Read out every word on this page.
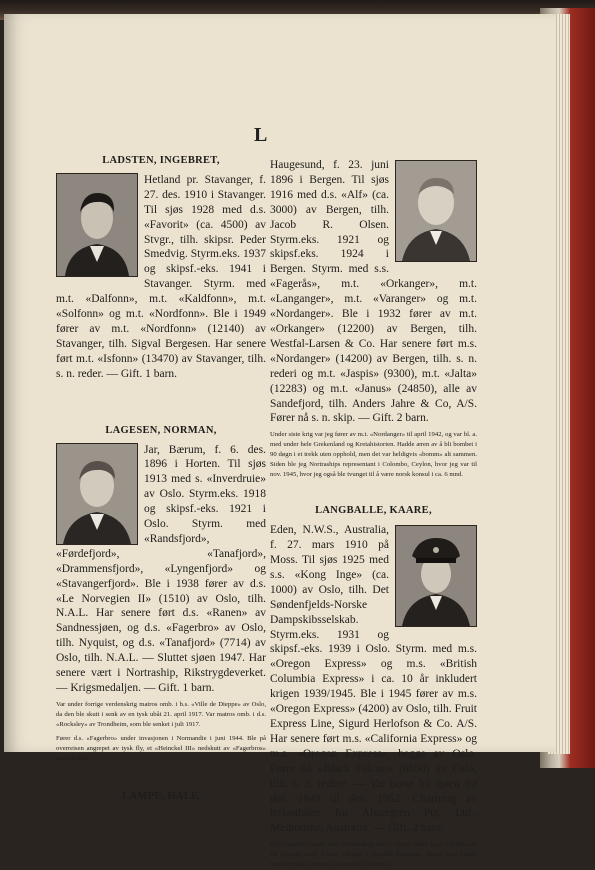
L
LADSTEN, INGEBRET,

Hetland pr. Stavanger, f. 27. des. 1910 i Stavanger. Til sjøs 1928 med d.s. «Favorit» (ca. 4500) av Stvgr., tilh. skipsr. Peder Smedvig. Styrm.eks. 1937 og skipsf.-eks. 1941 i Stavanger. Styrm. med m.t. «Dalfonn», m.t. «Kaldfonn», m.t. «Solfonn» og m.t. «Nordfonn». Ble i 1949 fører av m.t. «Nordfonn» (12140) av Stavanger, tilh. Sigval Bergesen. Har senere ført m.t. «Isfonn» (13470) av Stavanger, tilh. s. n. reder. — Gift. 1 barn.

LAGESEN, NORMAN,

Jar, Bærum, f. 6. des. 1896 i Horten. Til sjøs 1913 med s. «Inverdruie» av Oslo. Styrm.eks. 1918 og skipsf.-eks. 1921 i Oslo. Styrm. med «Randsfjord», «Førdefjord», «Tanafjord», «Drammensfjord», «Lyngenfjord» og «Stavangerfjord». Ble i 1938 fører av d.s. «Le Norvegien II» (1510) av Oslo, tilh. N.A.L. Har senere ført d.s. «Ranen» av Sandnessjøen, og d.s. «Fagerbro» av Oslo, tilh. Nyquist, og d.s. «Tanafjord» (7714) av Oslo, tilh. N.A.L. — Sluttet sjøen 1947. Har senere vært i Nortraship, Rikstrygdeverket. — Krigsmedaljen. — Gift. 1 barn.

Var under forrige verdenskrig matros omb. i b.s. «Ville de Dieppe» av Oslo, da den ble skutt i senk av en tysk ubåt 21. april 1917. Var matros omb. i d.s. «Rocksley» av Trondheim, som ble senket i juli 1917.

Fører d.s. «Fagerbro» under invasjonen i Normandie i juni 1944. Ble på overreisen angrepet av tysk fly, et «Heinckel III» nedskutt av «Fagerbros» antiluftskyts.

LAMPE, HALF,

Haugesund, f. 23. juni 1896 i Bergen. Til sjøs 1916 med d.s. «Alf» (ca. 3000) av Bergen, tilh. Jacob R. Olsen. Styrm.eks. 1921 og skipsf.eks. 1924 i Bergen. Styrm. med s.s. «Fagerås», m.t. «Orkanger», m.t. «Langanger», m.t. «Varanger» og m.t. «Nordanger». Ble i 1932 fører av m.t. «Orkanger» (12200) av Bergen, tilh. Westfal-Larsen & Co. Har senere ført m.s. «Nordanger» (14200) av Bergen, tilh. s. n. rederi og m.t. «Jaspis» (9300), m.t. «Jalta» (12283) og m.t. «Janus» (24850), alle av Sandefjord, tilh. Anders Jahre & Co, A/S. Fører nå s. n. skip. — Gift. 2 barn.

Under siste krig var jeg fører av m.t. «Nordanger» til april 1942, og var bl. a. med under hele Grekenland og Kretahistorien. Hadde æren av å bli bombet i 90 døgn i et trekk uten opphold, men det var heldigvis «bomm» alt sammen. Siden ble jeg Nortraships representant i Colombo, Ceylon, hvor jeg var til nov. 1945, hvor jeg også ble tvunget til å være norsk konsul i ca. 6 mnd.

LANGBALLE, KAARE,

Eden, N.W.S., Australia, f. 27. mars 1910 på Moss. Til sjøs 1925 med s.s. «Kong Inge» (ca. 1000) av Oslo, tilh. Det Søndenfjelds-Norske Dampskibsselskab. Styrm.eks. 1931 og skipsf.-eks. 1939 i Oslo. Styrm. med m.s. «Oregon Express» og m.s. «British Columbia Express» i ca. 10 år inkludert krigen 1939/1945. Ble i 1945 fører av m.s. «Oregon Express» (4200) av Oslo, tilh. Fruit Express Line, Sigurd Herlofson & Co. A/S. Har senere ført m.s. «California Express» og m.s. «Oregon Express», begge av Oslo. Fører nå «Black Falcon» (8850) av Oslo, tilh. s. n. redere. — Var borte fra sjøen fra des. 1949 til des. 1952. Chartring av trelastbåter for Alstergren Pty. Ltd., Melbourne, Australia. — Gift. 2 barn.

Sejlte uavbrutt under siste verdenskrig som 1. styrm. under kapt. Alf Paulsen fra Arendal omb. i m.s. «British Columbia Express». Skipet som brakte familien Mac Arthur fra Australia til Manilla.
